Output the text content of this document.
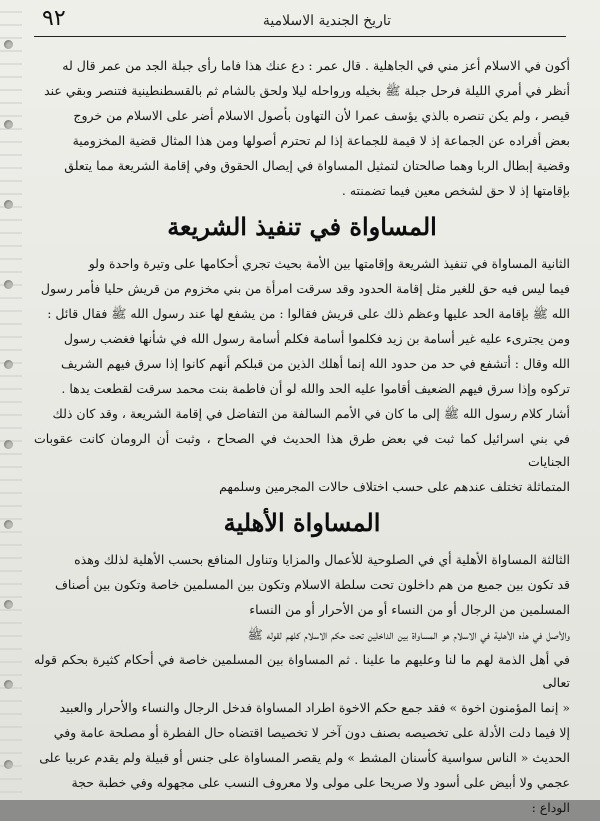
٩٢	تاريخ الجندية الاسلامية

أكون في الاسلام أعز مني في الجاهلية . قال عمر : دع عنك هذا فاما رأى جبلة الجد من عمر قال له

أنظر في أمري الليلة فرحل جبلة ﷺ بخيله ورواحله ليلا ولحق بالشام ثم بالقسطنطينية فتنصر وبقي عند

قيصر ، ولم يكن تنصره بالذي يؤسف عمرا لأن التهاون بأصول الاسلام أضر على الاسلام من خروج

بعض أفراده عن الجماعة إذ لا قيمة للجماعة إذا لم تحترم أصولها ومن هذا المثال قضية المخزومية

وقضية إبطال الربا وهما صالحتان لتمثيل المساواة في إيصال الحقوق وفي إقامة الشريعة مما يتعلق

بإقامتها إذ لا حق لشخص معين فيما تضمنته .

المساواة في تنفيذ الشريعة

الثانية المساواة في تنفيذ الشريعة وإقامتها بين الأمة بحيث تجري أحكامها على وتيرة واحدة ولو

فيما ليس فيه حق للغير مثل إقامة الحدود وقد سرقت امرأة من بني مخزوم من قريش حليا فأمر رسول

الله ﷺ بإقامة الحد عليها وعظم ذلك على قريش فقالوا : من يشفع لها عند رسول الله ﷺ فقال قائل :

ومن يجترىء عليه غير أسامة بن زيد فكلموا أسامة فكلم أسامة رسول الله في شأنها فغضب رسول

الله وقال : أتشفع في حد من حدود الله إنما أهلك الذين من قبلكم أنهم كانوا إذا سرق فيهم الشريف

تركوه وإذا سرق فيهم الضعيف أقاموا عليه الحد والله لو أن فاطمة بنت محمد سرقت لقطعت يدها .

أشار كلام رسول الله ﷺ إلى ما كان في الأمم السالفة من التفاضل في إقامة الشريعة ، وقد كان ذلك

في بني اسرائيل كما ثبت في بعض طرق هذا الحديث في الصحاح ، وثبت أن الرومان كانت عقوبات الجنايات

المتماثلة تختلف عندهم على حسب اختلاف حالات المجرمين وسلمهم

المساواة الأهلية

الثالثة المساواة الأهلية أي في الصلوحية للأعمال والمزايا وتناول المنافع بحسب الأهلية لذلك وهذه

قد تكون بين جميع من هم داخلون تحت سلطة الاسلام وتكون بين المسلمين خاصة وتكون بين أصناف

المسلمين من الرجال أو من النساء أو من الأحرار أو من النساء

والأصل في هذه الأهلية في الاسلام هو المساواة بين الداخلين تحت حكم الاسلام كلهم لقوله ﷺ

في أهل الذمة لهم ما لنا وعليهم ما علينا . ثم المساواة بين المسلمين خاصة في أحكام كثيرة بحكم قوله تعالى

« إنما المؤمنون اخوة » فقد جمع حكم الاخوة اطراد المساواة فدخل الرجال والنساء والأحرار والعبيد

إلا فيما دلت الأدلة على تخصيصه بصنف دون آخر لا تخصيصا اقتضاه حال الفطرة أو مصلحة عامة وفي

الحديث « الناس سواسية كأسنان المشط » ولم يقصر المساواة على جنس أو قبيلة ولم يقدم عربيا على

عجمي ولا أبيض على أسود ولا صريحا على مولى ولا معروف النسب على مجهوله وفي خطبة حجة

الوداع :
